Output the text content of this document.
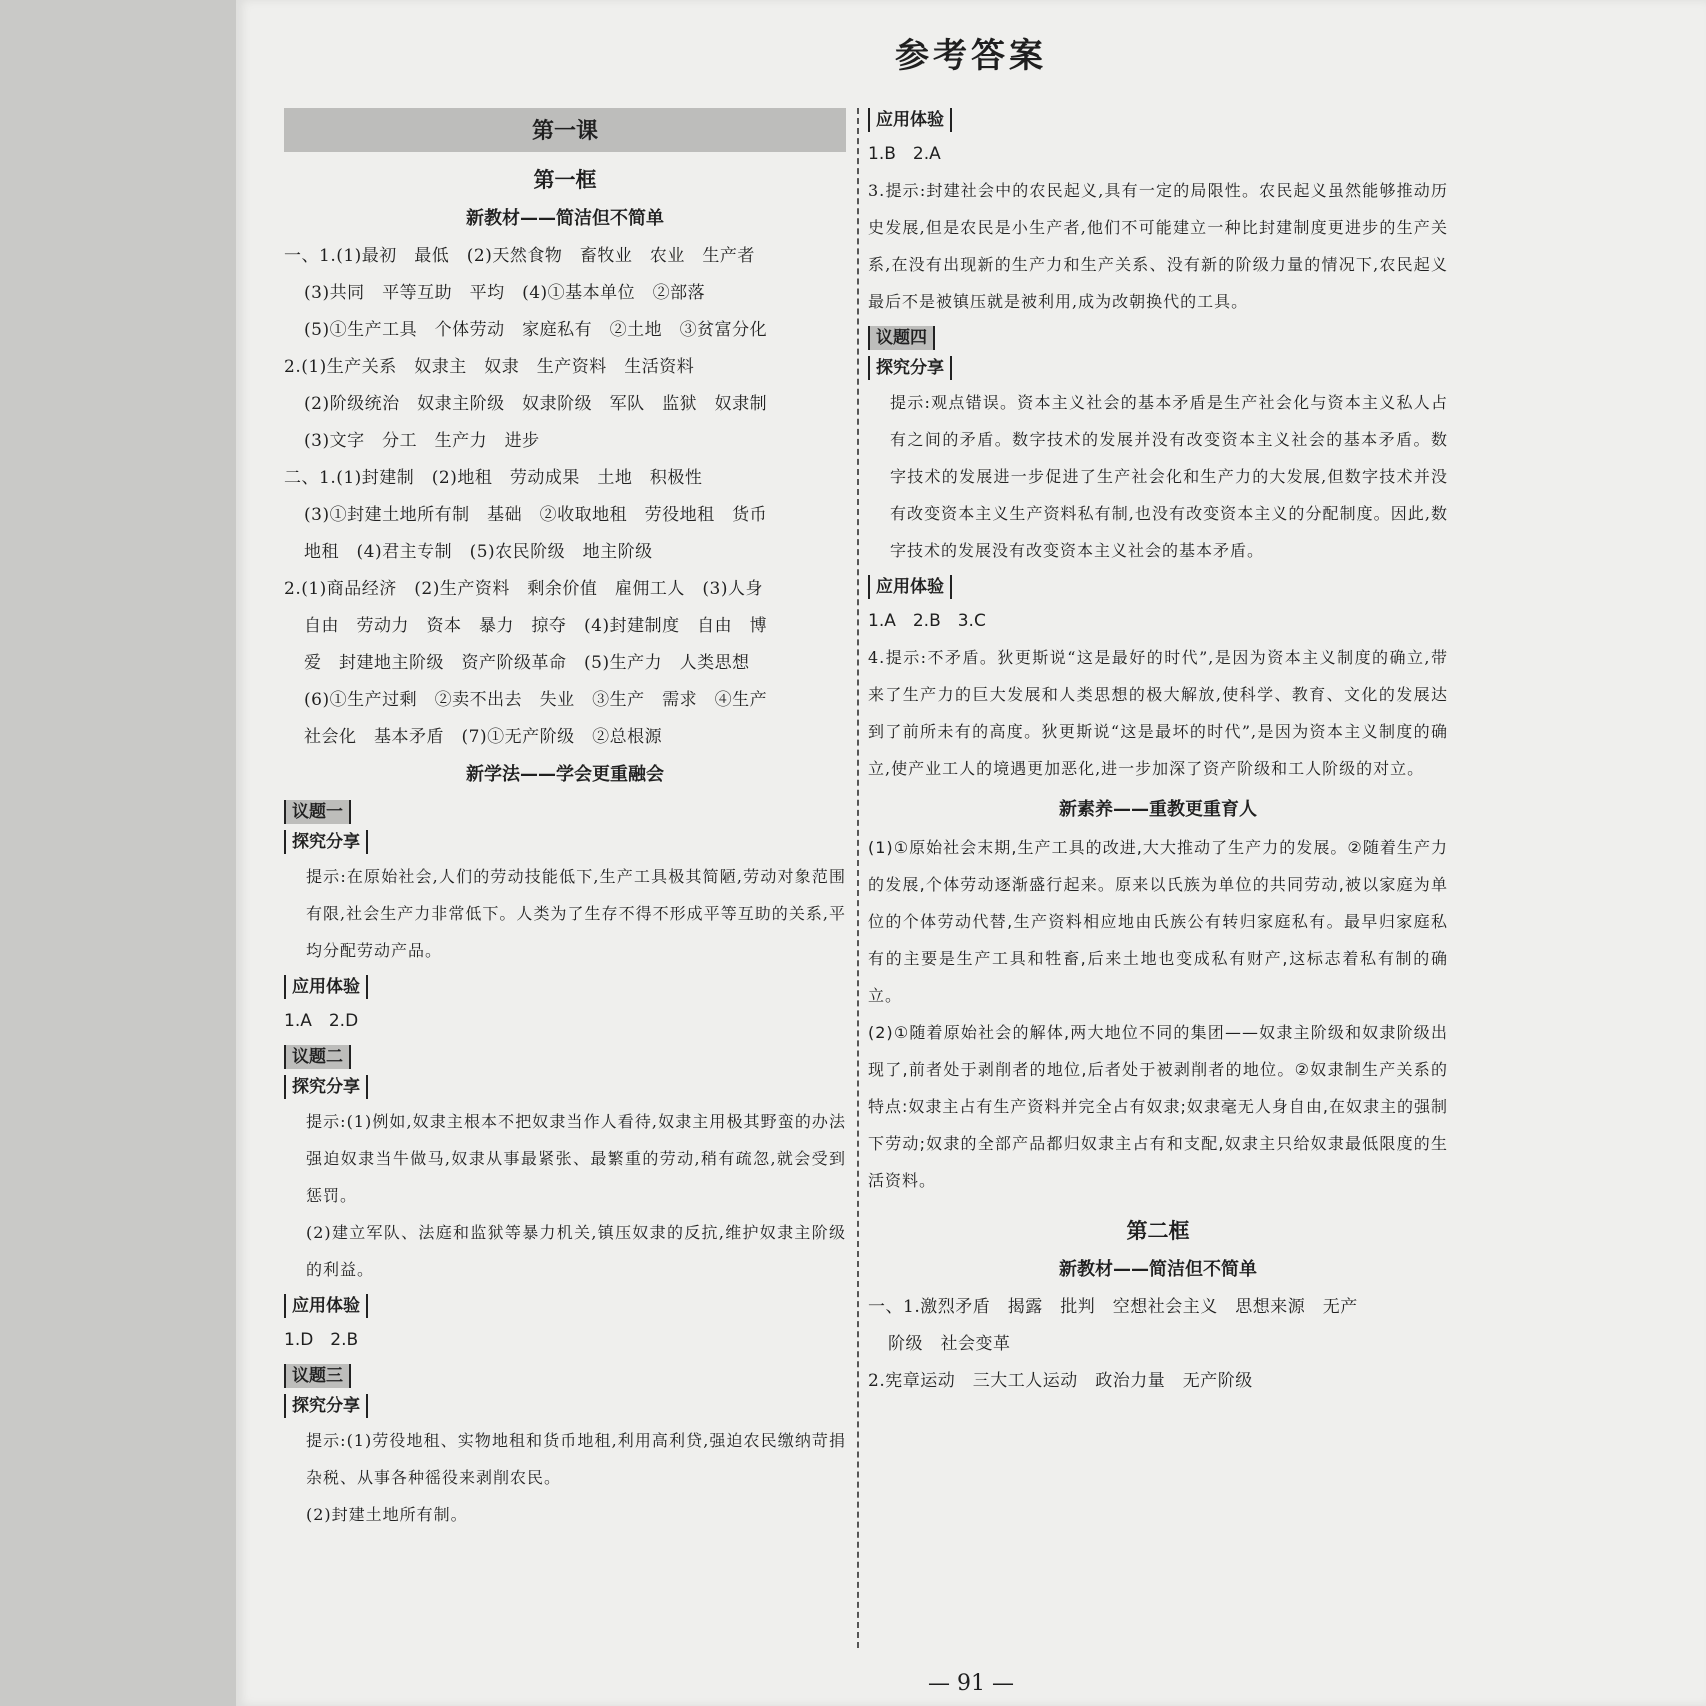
参考答案
第一课
第一框
新教材——简洁但不简单
一、1.(1)最初　最低　(2)天然食物　畜牧业　农业　生产者
(3)共同　平等互助　平均　(4)①基本单位　②部落
(5)①生产工具　个体劳动　家庭私有　②土地　③贫富分化
2.(1)生产关系　奴隶主　奴隶　生产资料　生活资料
(2)阶级统治　奴隶主阶级　奴隶阶级　军队　监狱　奴隶制
(3)文字　分工　生产力　进步
二、1.(1)封建制　(2)地租　劳动成果　土地　积极性
(3)①封建土地所有制　基础　②收取地租　劳役地租　货币
地租　(4)君主专制　(5)农民阶级　地主阶级
2.(1)商品经济　(2)生产资料　剩余价值　雇佣工人　(3)人身
自由　劳动力　资本　暴力　掠夺　(4)封建制度　自由　博
爱　封建地主阶级　资产阶级革命　(5)生产力　人类思想
(6)①生产过剩　②卖不出去　失业　③生产　需求　④生产
社会化　基本矛盾　(7)①无产阶级　②总根源
新学法——学会更重融会
议题一
探究分享
提示:在原始社会,人们的劳动技能低下,生产工具极其简陋,劳动对象范围有限,社会生产力非常低下。人类为了生存不得不形成平等互助的关系,平均分配劳动产品。
应用体验
1.A　2.D
议题二
探究分享
提示:(1)例如,奴隶主根本不把奴隶当作人看待,奴隶主用极其野蛮的办法强迫奴隶当牛做马,奴隶从事最紧张、最繁重的劳动,稍有疏忽,就会受到惩罚。
(2)建立军队、法庭和监狱等暴力机关,镇压奴隶的反抗,维护奴隶主阶级的利益。
应用体验
1.D　2.B
议题三
探究分享
提示:(1)劳役地租、实物地租和货币地租,利用高利贷,强迫农民缴纳苛捐杂税、从事各种徭役来剥削农民。
(2)封建土地所有制。
应用体验
1.B　2.A
3.提示:封建社会中的农民起义,具有一定的局限性。农民起义虽然能够推动历史发展,但是农民是小生产者,他们不可能建立一种比封建制度更进步的生产关系,在没有出现新的生产力和生产关系、没有新的阶级力量的情况下,农民起义最后不是被镇压就是被利用,成为改朝换代的工具。
议题四
探究分享
提示:观点错误。资本主义社会的基本矛盾是生产社会化与资本主义私人占有之间的矛盾。数字技术的发展并没有改变资本主义社会的基本矛盾。数字技术的发展进一步促进了生产社会化和生产力的大发展,但数字技术并没有改变资本主义生产资料私有制,也没有改变资本主义的分配制度。因此,数字技术的发展没有改变资本主义社会的基本矛盾。
应用体验
1.A　2.B　3.C
4.提示:不矛盾。狄更斯说“这是最好的时代”,是因为资本主义制度的确立,带来了生产力的巨大发展和人类思想的极大解放,使科学、教育、文化的发展达到了前所未有的高度。狄更斯说“这是最坏的时代”,是因为资本主义制度的确立,使产业工人的境遇更加恶化,进一步加深了资产阶级和工人阶级的对立。
新素养——重教更重育人
(1)①原始社会末期,生产工具的改进,大大推动了生产力的发展。②随着生产力的发展,个体劳动逐渐盛行起来。原来以氏族为单位的共同劳动,被以家庭为单位的个体劳动代替,生产资料相应地由氏族公有转归家庭私有。最早归家庭私有的主要是生产工具和牲畜,后来土地也变成私有财产,这标志着私有制的确立。
(2)①随着原始社会的解体,两大地位不同的集团——奴隶主阶级和奴隶阶级出现了,前者处于剥削者的地位,后者处于被剥削者的地位。②奴隶制生产关系的特点:奴隶主占有生产资料并完全占有奴隶;奴隶毫无人身自由,在奴隶主的强制下劳动;奴隶的全部产品都归奴隶主占有和支配,奴隶主只给奴隶最低限度的生活资料。
第二框
新教材——简洁但不简单
一、1.激烈矛盾　揭露　批判　空想社会主义　思想来源　无产
阶级　社会变革
2.宪章运动　三大工人运动　政治力量　无产阶级
— 91 —
